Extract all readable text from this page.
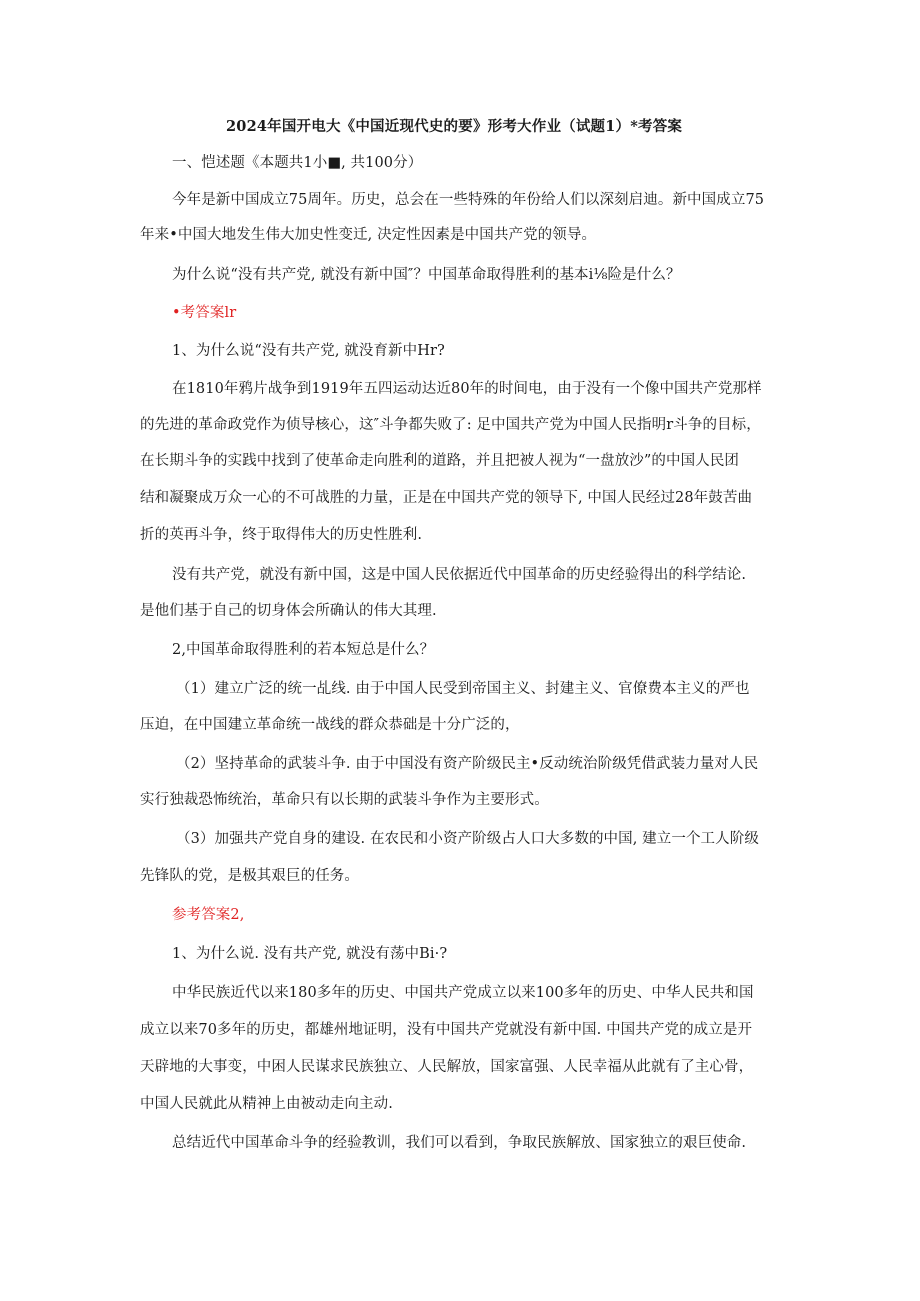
2024年国开电大《中国近现代史的要》形考大作业（试题1）*考答案
一、恺述题《本题共1小■, 共100分）
今年是新中国成立75周年。历史，总会在一些特殊的年份给人们以深刻启迪。新中国成立75
年来•中国大地发生伟大加史性变迁, 决定性因素是中国共产党的领导。
为什么说“没有共产党, 就没有新中国″？中国革命取得胜利的基本i⅛险是什么？
•考答案lr
1、为什么说“没有共产党, 就没育新中Hr?
在1810年鸦片战争到1919年五四运动达近80年的时间电，由于没有一个像中国共产党那样
的先进的革命政党作为侦导核心，这″斗争都失败了: 足中国共产党为中国人民指明r斗争的目标，
在长期斗争的实践中找到了使革命走向胜利的道路，并且把被人视为“一盘放沙”的中国人民团
结和凝聚成万众一心的不可战胜的力量，正是在中国共产党的领导下, 中国人民经过28年鼓苦曲
折的英再斗争，终于取得伟大的历史性胜利.
没有共产党，就没有新中国，这是中国人民依据近代中国革命的历史经验得出的科学结论.
是他们基于自己的切身体会所确认的伟大其理.
2,中国革命取得胜利的若本短总是什么？
（1）建立广泛的统一乩线. 由于中国人民受到帝国主义、封建主义、官僚费本主义的严也
压迫，在中国建立革命统一战线的群众恭础是十分广泛的，
（2）坚持革命的武装斗争. 由于中国没有资产阶级民主•反动统治阶级凭借武装力量对人民
实行独裁恐怖统治，革命只有以长期的武装斗争作为主要形式。
（3）加强共产党自身的建设. 在农民和小资产阶级占人口大多数的中国, 建立一个工人阶级
先锋队的党，是极其艰巨的任务。
参考答案2,
1、为什么说. 没有共产党, 就没有荡中Bi·?
中华民族近代以来180多年的历史、中国共产党成立以来100多年的历史、中华人民共和国
成立以来70多年的历史，都雄州地证明，没有中国共产党就没有新中国. 中国共产党的成立是开
天辟地的大事变，中困人民谋求民族独立、人民解放，国家富强、人民幸福从此就有了主心骨，
中国人民就此从精神上由被动走向主动.
总结近代中国革命斗争的经验教训，我们可以看到，争取民族解放、国家独立的艰巨使命.
